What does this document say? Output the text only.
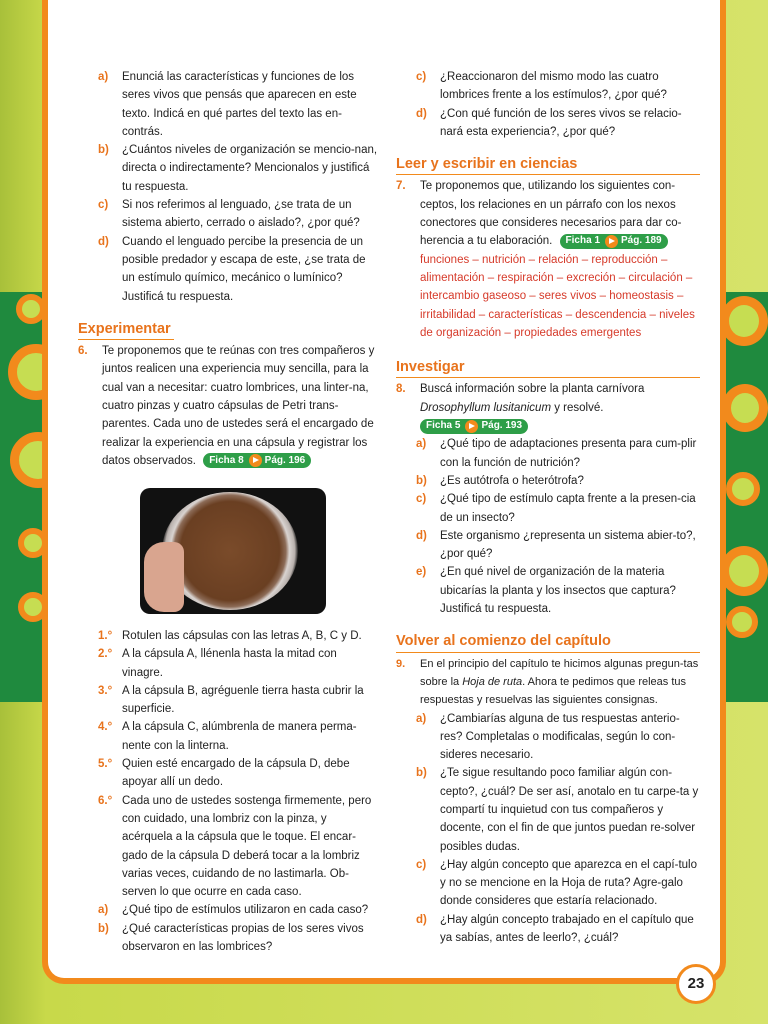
a) Enunciá las características y funciones de los seres vivos que pensás que aparecen en este texto. Indicá en qué partes del texto las en-contrás.
b) ¿Cuántos niveles de organización se mencio-nan, directa o indirectamente? Mencionalos y justificá tu respuesta.
c) Si nos referimos al lenguado, ¿se trata de un sistema abierto, cerrado o aislado?, ¿por qué?
d) Cuando el lenguado percibe la presencia de un posible predador y escapa de este, ¿se trata de un estímulo químico, mecánico o lumínico? Justificá tu respuesta.
Experimentar
6. Te proponemos que te reúnas con tres compañeros y juntos realicen una experiencia muy sencilla, para la cual van a necesitar: cuatro lombrices, una linter-na, cuatro pinzas y cuatro cápsulas de Petri trans-parentes. Cada uno de ustedes será el encargado de realizar la experiencia en una cápsula y registrar los datos observados. Ficha 8 Pág. 196
1.° Rotulen las cápsulas con las letras A, B, C y D.
2.° A la cápsula A, llénenla hasta la mitad con vinagre.
3.° A la cápsula B, agréguenle tierra hasta cubrir la superficie.
4.° A la cápsula C, alúmbrenla de manera perma-nente con la linterna.
5.° Quien esté encargado de la cápsula D, debe apoyar allí un dedo.
6.° Cada uno de ustedes sostenga firmemente, pero con cuidado, una lombriz con la pinza, y acérquela a la cápsula que le toque. El encar-gado de la cápsula D deberá tocar a la lombriz varias veces, cuidando de no lastimarla. Ob-serven lo que ocurre en cada caso.
a) ¿Qué tipo de estímulos utilizaron en cada caso?
b) ¿Qué características propias de los seres vivos observaron en las lombrices?
c) ¿Reaccionaron del mismo modo las cuatro lombrices frente a los estímulos?, ¿por qué?
d) ¿Con qué función de los seres vivos se relacio-nará esta experiencia?, ¿por qué?
Leer y escribir en ciencias
7. Te proponemos que, utilizando los siguientes con-ceptos, los relaciones en un párrafo con los nexos conectores que consideres necesarios para dar co-herencia a tu elaboración. Ficha 1 Pág. 189
funciones – nutrición – relación – reproducción – alimentación – respiración – excreción – circulación – intercambio gaseoso – seres vivos – homeostasis – irritabilidad – características – descendencia – niveles de organización – propiedades emergentes
Investigar
8. Buscá información sobre la planta carnívora Drosophyllum lusitanicum y resolvé.
Ficha 5 Pág. 193
a) ¿Qué tipo de adaptaciones presenta para cum-plir con la función de nutrición?
b) ¿Es autótrofa o heterótrofa?
c) ¿Qué tipo de estímulo capta frente a la presen-cia de un insecto?
d) Este organismo ¿representa un sistema abier-to?, ¿por qué?
e) ¿En qué nivel de organización de la materia ubicarías la planta y los insectos que captura? Justificá tu respuesta.
Volver al comienzo del capítulo
9. En el principio del capítulo te hicimos algunas pregun-tas sobre la Hoja de ruta. Ahora te pedimos que releas tus respuestas y resuelvas las siguientes consignas.
a) ¿Cambiarías alguna de tus respuestas anterio-res? Completalas o modificalas, según lo con-sideres necesario.
b) ¿Te sigue resultando poco familiar algún con-cepto?, ¿cuál? De ser así, anotalo en tu carpe-ta y compartí tu inquietud con tus compañeros y docente, con el fin de que juntos puedan re-solver posibles dudas.
c) ¿Hay algún concepto que aparezca en el capí-tulo y no se mencione en la Hoja de ruta? Agre-galo donde consideres que estaría relacionado.
d) ¿Hay algún concepto trabajado en el capítulo que ya sabías, antes de leerlo?, ¿cuál?
23
